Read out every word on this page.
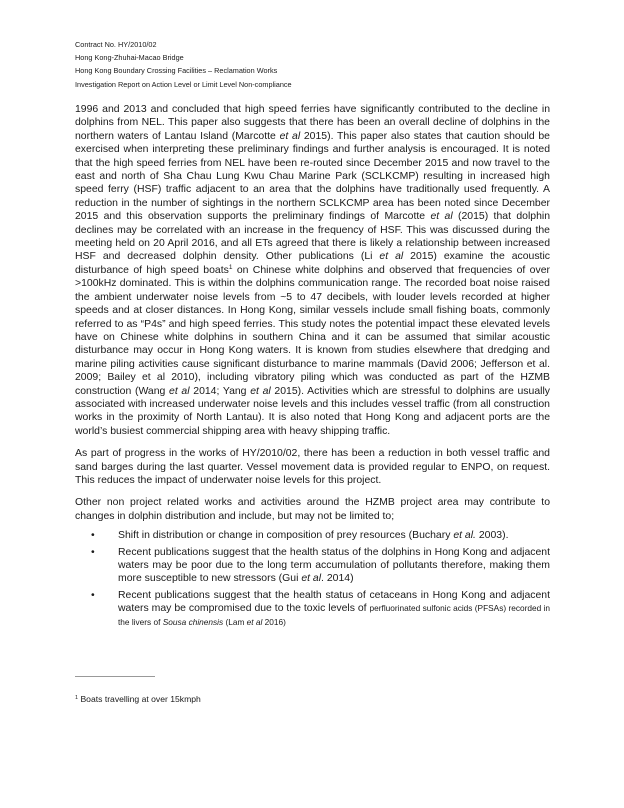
Contract No. HY/2010/02
Hong Kong-Zhuhai-Macao Bridge
Hong Kong Boundary Crossing Facilities – Reclamation Works
Investigation Report on Action Level or Limit Level Non-compliance

1996 and 2013 and concluded that high speed ferries have significantly contributed to the decline in dolphins from NEL. This paper also suggests that there has been an overall decline of dolphins in the northern waters of Lantau Island (Marcotte et al 2015). This paper also states that caution should be exercised when interpreting these preliminary findings and further analysis is encouraged. It is noted that the high speed ferries from NEL have been re-routed since December 2015 and now travel to the east and north of Sha Chau Lung Kwu Chau Marine Park (SCLKCMP) resulting in increased high speed ferry (HSF) traffic adjacent to an area that the dolphins have traditionally used frequently. A reduction in the number of sightings in the northern SCLKCMP area has been noted since December 2015 and this observation supports the preliminary findings of Marcotte et al (2015) that dolphin declines may be correlated with an increase in the frequency of HSF. This was discussed during the meeting held on 20 April 2016, and all ETs agreed that there is likely a relationship between increased HSF and decreased dolphin density. Other publications (Li et al 2015) examine the acoustic disturbance of high speed boats$^1$ on Chinese white dolphins and observed that frequencies of over >100kHz dominated. This is within the dolphins communication range. The recorded boat noise raised the ambient underwater noise levels from ~5 to 47 decibels, with louder levels recorded at higher speeds and at closer distances. In Hong Kong, similar vessels include small fishing boats, commonly referred to as “P4s” and high speed ferries. This study notes the potential impact these elevated levels have on Chinese white dolphins in southern China and it can be assumed that similar acoustic disturbance may occur in Hong Kong waters. It is known from studies elsewhere that dredging and marine piling activities cause significant disturbance to marine mammals (David 2006; Jefferson et al. 2009; Bailey et al 2010), including vibratory piling which was conducted as part of the HZMB construction (Wang et al 2014; Yang et al 2015). Activities which are stressful to dolphins are usually associated with increased underwater noise levels and this includes vessel traffic (from all construction works in the proximity of North Lantau). It is also noted that Hong Kong and adjacent ports are the world’s busiest commercial shipping area with heavy shipping traffic.

As part of progress in the works of HY/2010/02, there has been a reduction in both vessel traffic and sand barges during the last quarter. Vessel movement data is provided regular to ENPO, on request. This reduces the impact of underwater noise levels for this project.

Other non project related works and activities around the HZMB project area may contribute to changes in dolphin distribution and include, but may not be limited to;

• Shift in distribution or change in composition of prey resources (Buchary et al. 2003).
• Recent publications suggest that the health status of the dolphins in Hong Kong and adjacent waters may be poor due to the long term accumulation of pollutants therefore, making them more susceptible to new stressors (Gui et al. 2014)
• Recent publications suggest that the health status of cetaceans in Hong Kong and adjacent waters may be compromised due to the toxic levels of perfluorinated sulfonic acids (PFSAs) recorded in the livers of Sousa chinensis (Lam et al 2016)
$^1$ Boats travelling at over 15kmph
